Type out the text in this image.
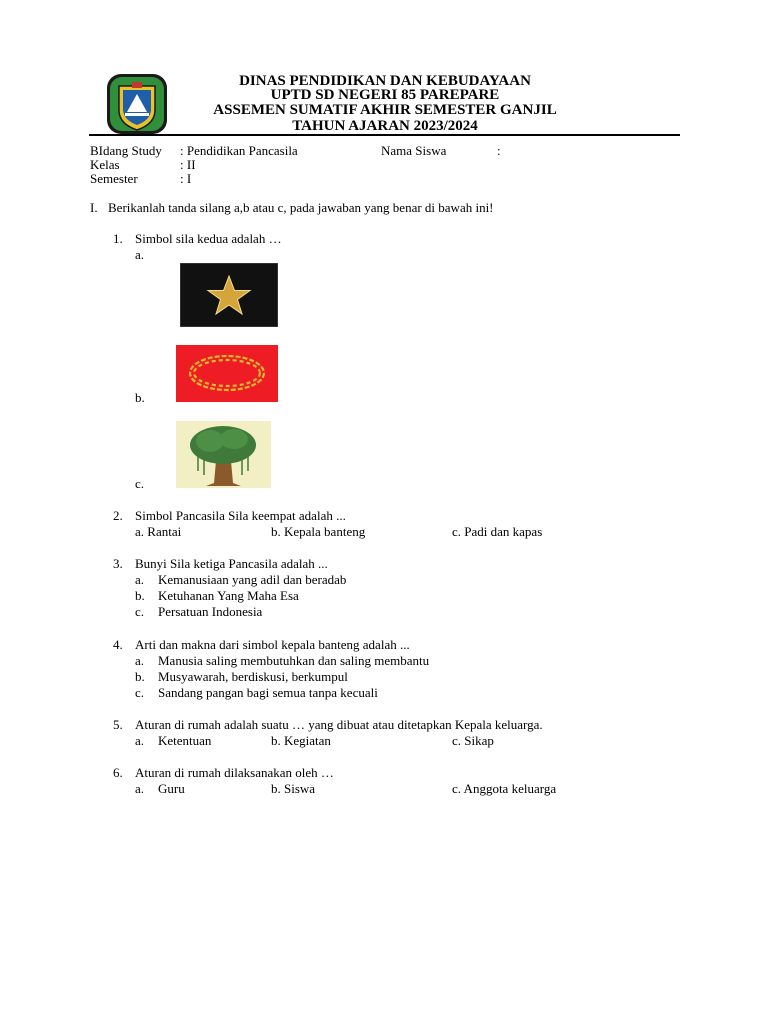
DINAS PENDIDIKAN DAN KEBUDAYAAN
UPTD SD NEGERI 85 PAREPARE
ASSEMEN SUMATIF AKHIR SEMESTER GANJIL
TAHUN AJARAN 2023/2024
BIdang Study : Pendidikan Pancasila	Nama Siswa	:
Kelas	: II
Semester	: I
I. Berikanlah tanda silang a,b atau c, pada jawaban yang benar di bawah ini!
1. Simbol sila kedua adalah …
a.
b.
c.
2. Simbol Pancasila Sila keempat adalah ...
a. Rantai	b. Kepala banteng	c. Padi dan kapas
3. Bunyi Sila ketiga Pancasila adalah ...
a. Kemanusiaan yang adil dan beradab
b. Ketuhanan Yang Maha Esa
c. Persatuan Indonesia
4. Arti dan makna dari simbol kepala banteng adalah ...
a. Manusia saling membutuhkan dan saling membantu
b. Musyawarah, berdiskusi, berkumpul
c. Sandang pangan bagi semua tanpa kecuali
5. Aturan di rumah adalah suatu … yang dibuat atau ditetapkan Kepala keluarga.
a. Ketentuan	b. Kegiatan	c. Sikap
6. Aturan di rumah dilaksanakan oleh …
a. Guru	b. Siswa	c. Anggota keluarga
